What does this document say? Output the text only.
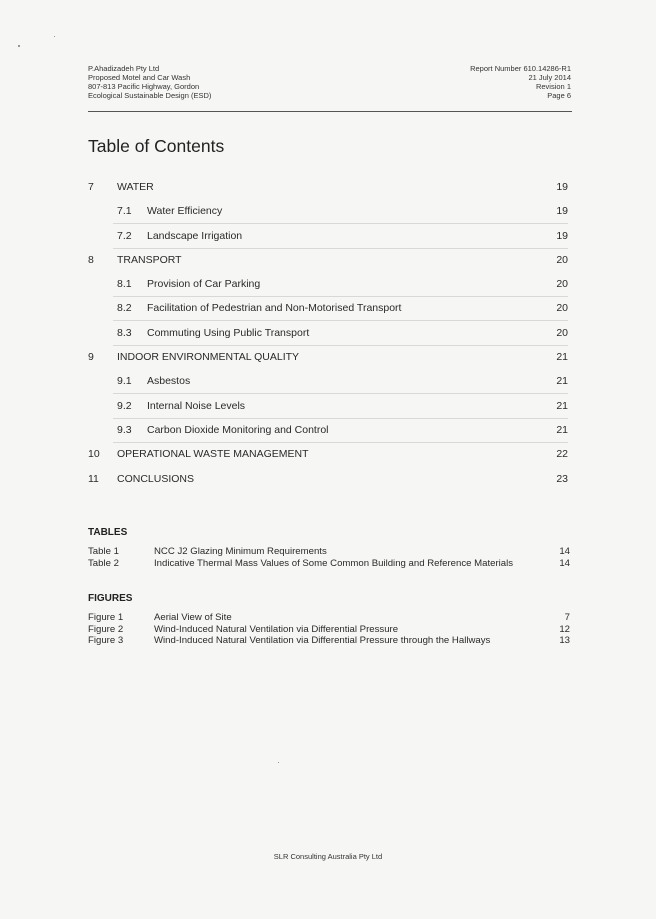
P.Ahadizadeh Pty Ltd
Proposed Motel and Car Wash
807-813 Pacific Highway, Gordon
Ecological Sustainable Design (ESD)
Report Number 610.14286-R1
21 July 2014
Revision 1
Page 6
Table of Contents
7 WATER	19
7.1 Water Efficiency	19
7.2 Landscape Irrigation	19
8 TRANSPORT	20
8.1 Provision of Car Parking	20
8.2 Facilitation of Pedestrian and Non-Motorised Transport	20
8.3 Commuting Using Public Transport	20
9 INDOOR ENVIRONMENTAL QUALITY	21
9.1 Asbestos	21
9.2 Internal Noise Levels	21
9.3 Carbon Dioxide Monitoring and Control	21
10 OPERATIONAL WASTE MANAGEMENT	22
11 CONCLUSIONS	23
TABLES
Table 1	NCC J2 Glazing Minimum Requirements	14
Table 2	Indicative Thermal Mass Values of Some Common Building and Reference Materials	14
FIGURES
Figure 1	Aerial View of Site	7
Figure 2	Wind-Induced Natural Ventilation via Differential Pressure	12
Figure 3	Wind-Induced Natural Ventilation via Differential Pressure through the Hallways	13
SLR Consulting Australia Pty Ltd
